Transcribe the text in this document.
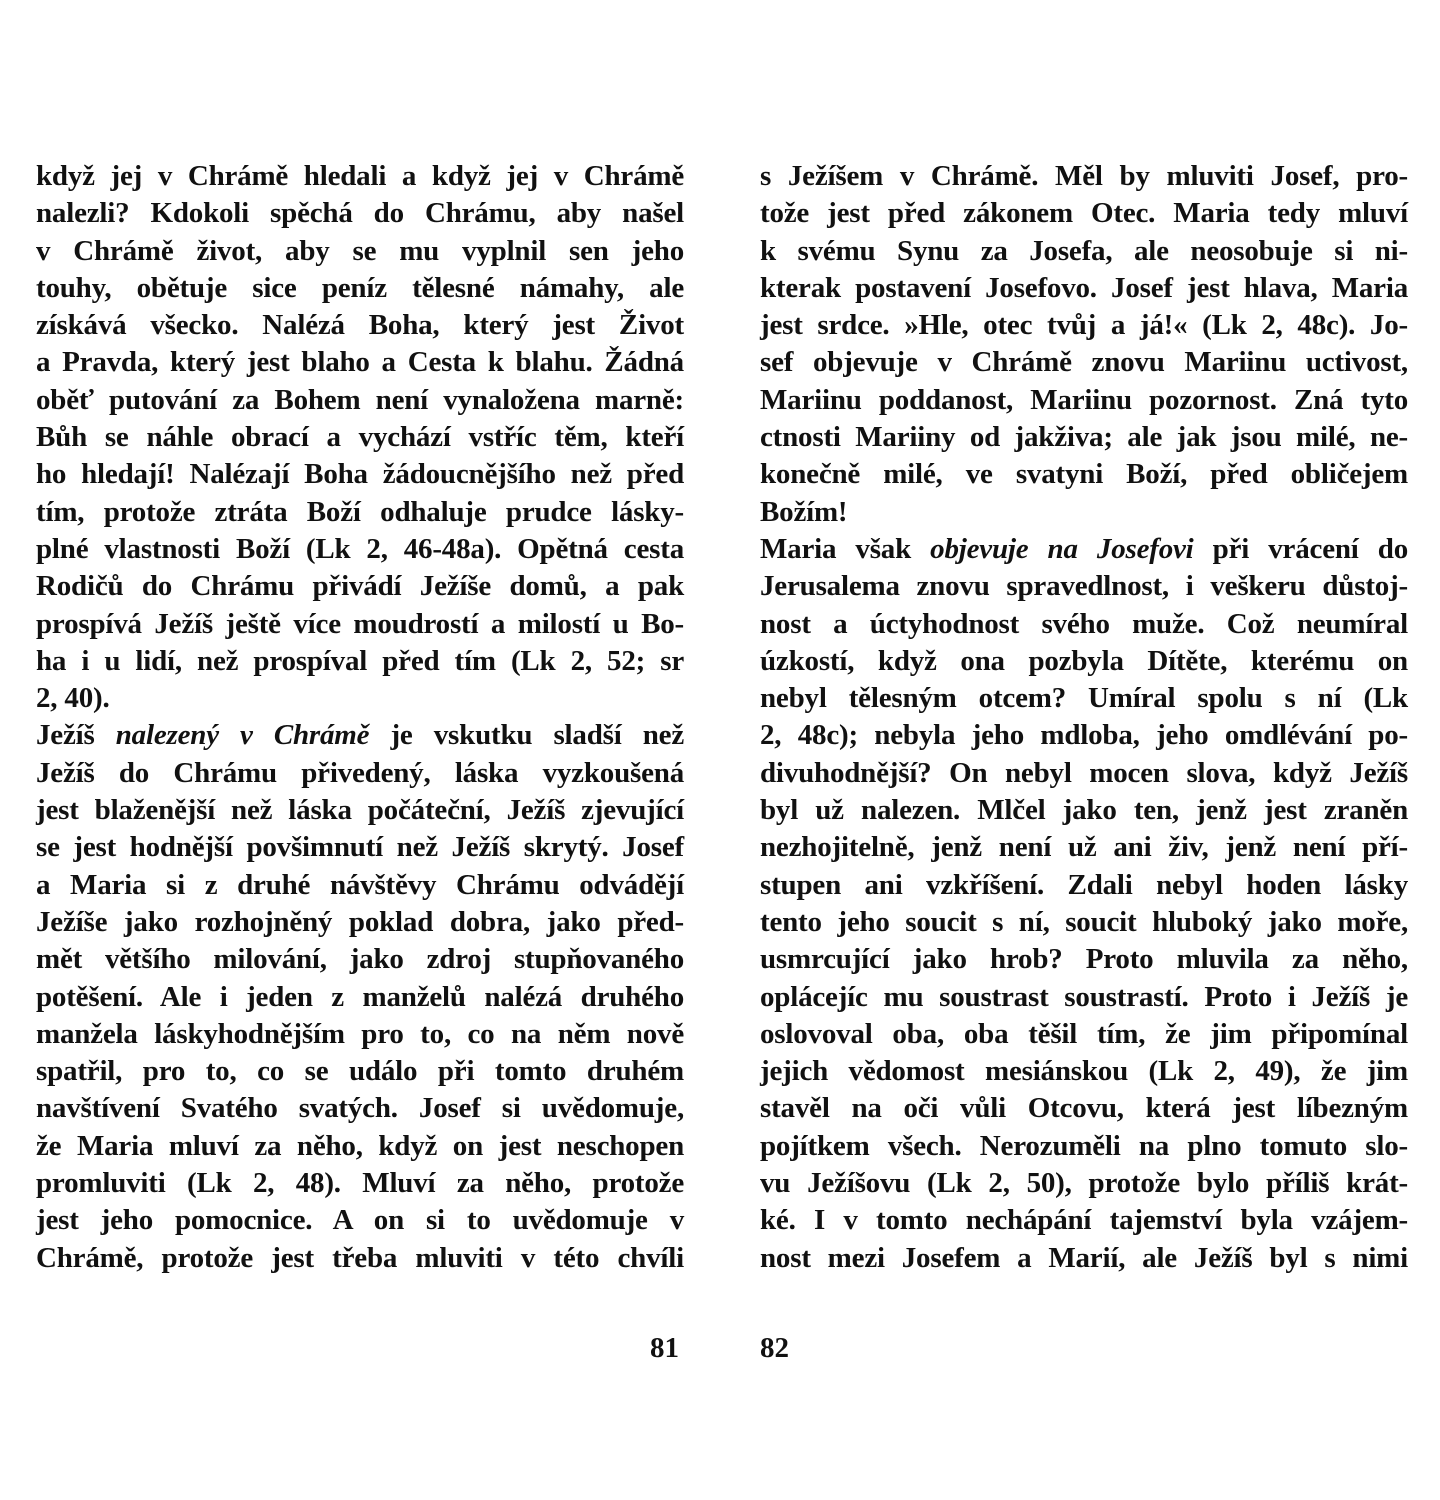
když jej v Chrámě hledali a když jej v Chrámě
nalezli? Kdokoli spěchá do Chrámu, aby našel
v Chrámě život, aby se mu vyplnil sen jeho
touhy, obětuje sice peníz tělesné námahy, ale
získává všecko. Nalézá Boha, který jest Život
a Pravda, který jest blaho a Cesta k blahu. Žádná
oběť putování za Bohem není vynaložena marně:
Bůh se náhle obrací a vychází vstříc těm, kteří
ho hledají! Nalézají Boha žádoucnějšího než před
tím, protože ztráta Boží odhaluje prudce lásky-
plné vlastnosti Boží (Lk 2, 46-48a). Opětná cesta
Rodičů do Chrámu přivádí Ježíše domů, a pak
prospívá Ježíš ještě více moudrostí a milostí u Bo-
ha i u lidí, než prospíval před tím (Lk 2, 52; sr
2, 40).
Ježíš nalezený v Chrámě je vskutku sladší než
Ježíš do Chrámu přivedený, láska vyzkoušená
jest blaženější než láska počáteční, Ježíš zjevující
se jest hodnější povšimnutí než Ježíš skrytý. Josef
a Maria si z druhé návštěvy Chrámu odvádějí
Ježíše jako rozhojněný poklad dobra, jako před-
mět většího milování, jako zdroj stupňovaného
potěšení. Ale i jeden z manželů nalézá druhého
manžela láskyhodnějším pro to, co na něm nově
spatřil, pro to, co se událo při tomto druhém
navštívení Svatého svatých. Josef si uvědomuje,
že Maria mluví za něho, když on jest neschopen
promluviti (Lk 2, 48). Mluví za něho, protože
jest jeho pomocnice. A on si to uvědomuje v
Chrámě, protože jest třeba mluviti v této chvíli
s Ježíšem v Chrámě. Měl by mluviti Josef, pro-
tože jest před zákonem Otec. Maria tedy mluví
k svému Synu za Josefa, ale neosobuje si ni-
kterak postavení Josefovo. Josef jest hlava, Maria
jest srdce. »Hle, otec tvůj a já!« (Lk 2, 48c). Jo-
sef objevuje v Chrámě znovu Mariinu uctivost,
Mariinu poddanost, Mariinu pozornost. Zná tyto
ctnosti Mariiny od jakživa; ale jak jsou milé, ne-
konečně milé, ve svatyni Boží, před obličejem
Božím!
Maria však objevuje na Josefovi při vrácení do
Jerusalema znovu spravedlnost, i veškeru důstoj-
nost a úctyhodnost svého muže. Což neumíral
úzkostí, když ona pozbyla Dítěte, kterému on
nebyl tělesným otcem? Umíral spolu s ní (Lk
2, 48c); nebyla jeho mdloba, jeho omdlévání po-
divuhodnější? On nebyl mocen slova, když Ježíš
byl už nalezen. Mlčel jako ten, jenž jest zraněn
nezhojitelně, jenž není už ani živ, jenž není pří-
stupen ani vzkříšení. Zdali nebyl hoden lásky
tento jeho soucit s ní, soucit hluboký jako moře,
usmrcující jako hrob? Proto mluvila za něho,
oplácejíc mu soustrast soustrastí. Proto i Ježíš je
oslovoval oba, oba těšil tím, že jim připomínal
jejich vědomost mesiánskou (Lk 2, 49), že jim
stavěl na oči vůli Otcovu, která jest líbezným
pojítkem všech. Nerozuměli na plno tomuto slo-
vu Ježíšovu (Lk 2, 50), protože bylo příliš krát-
ké. I v tomto nechápání tajemství byla vzájem-
nost mezi Josefem a Marií, ale Ježíš byl s nimi
81	82
